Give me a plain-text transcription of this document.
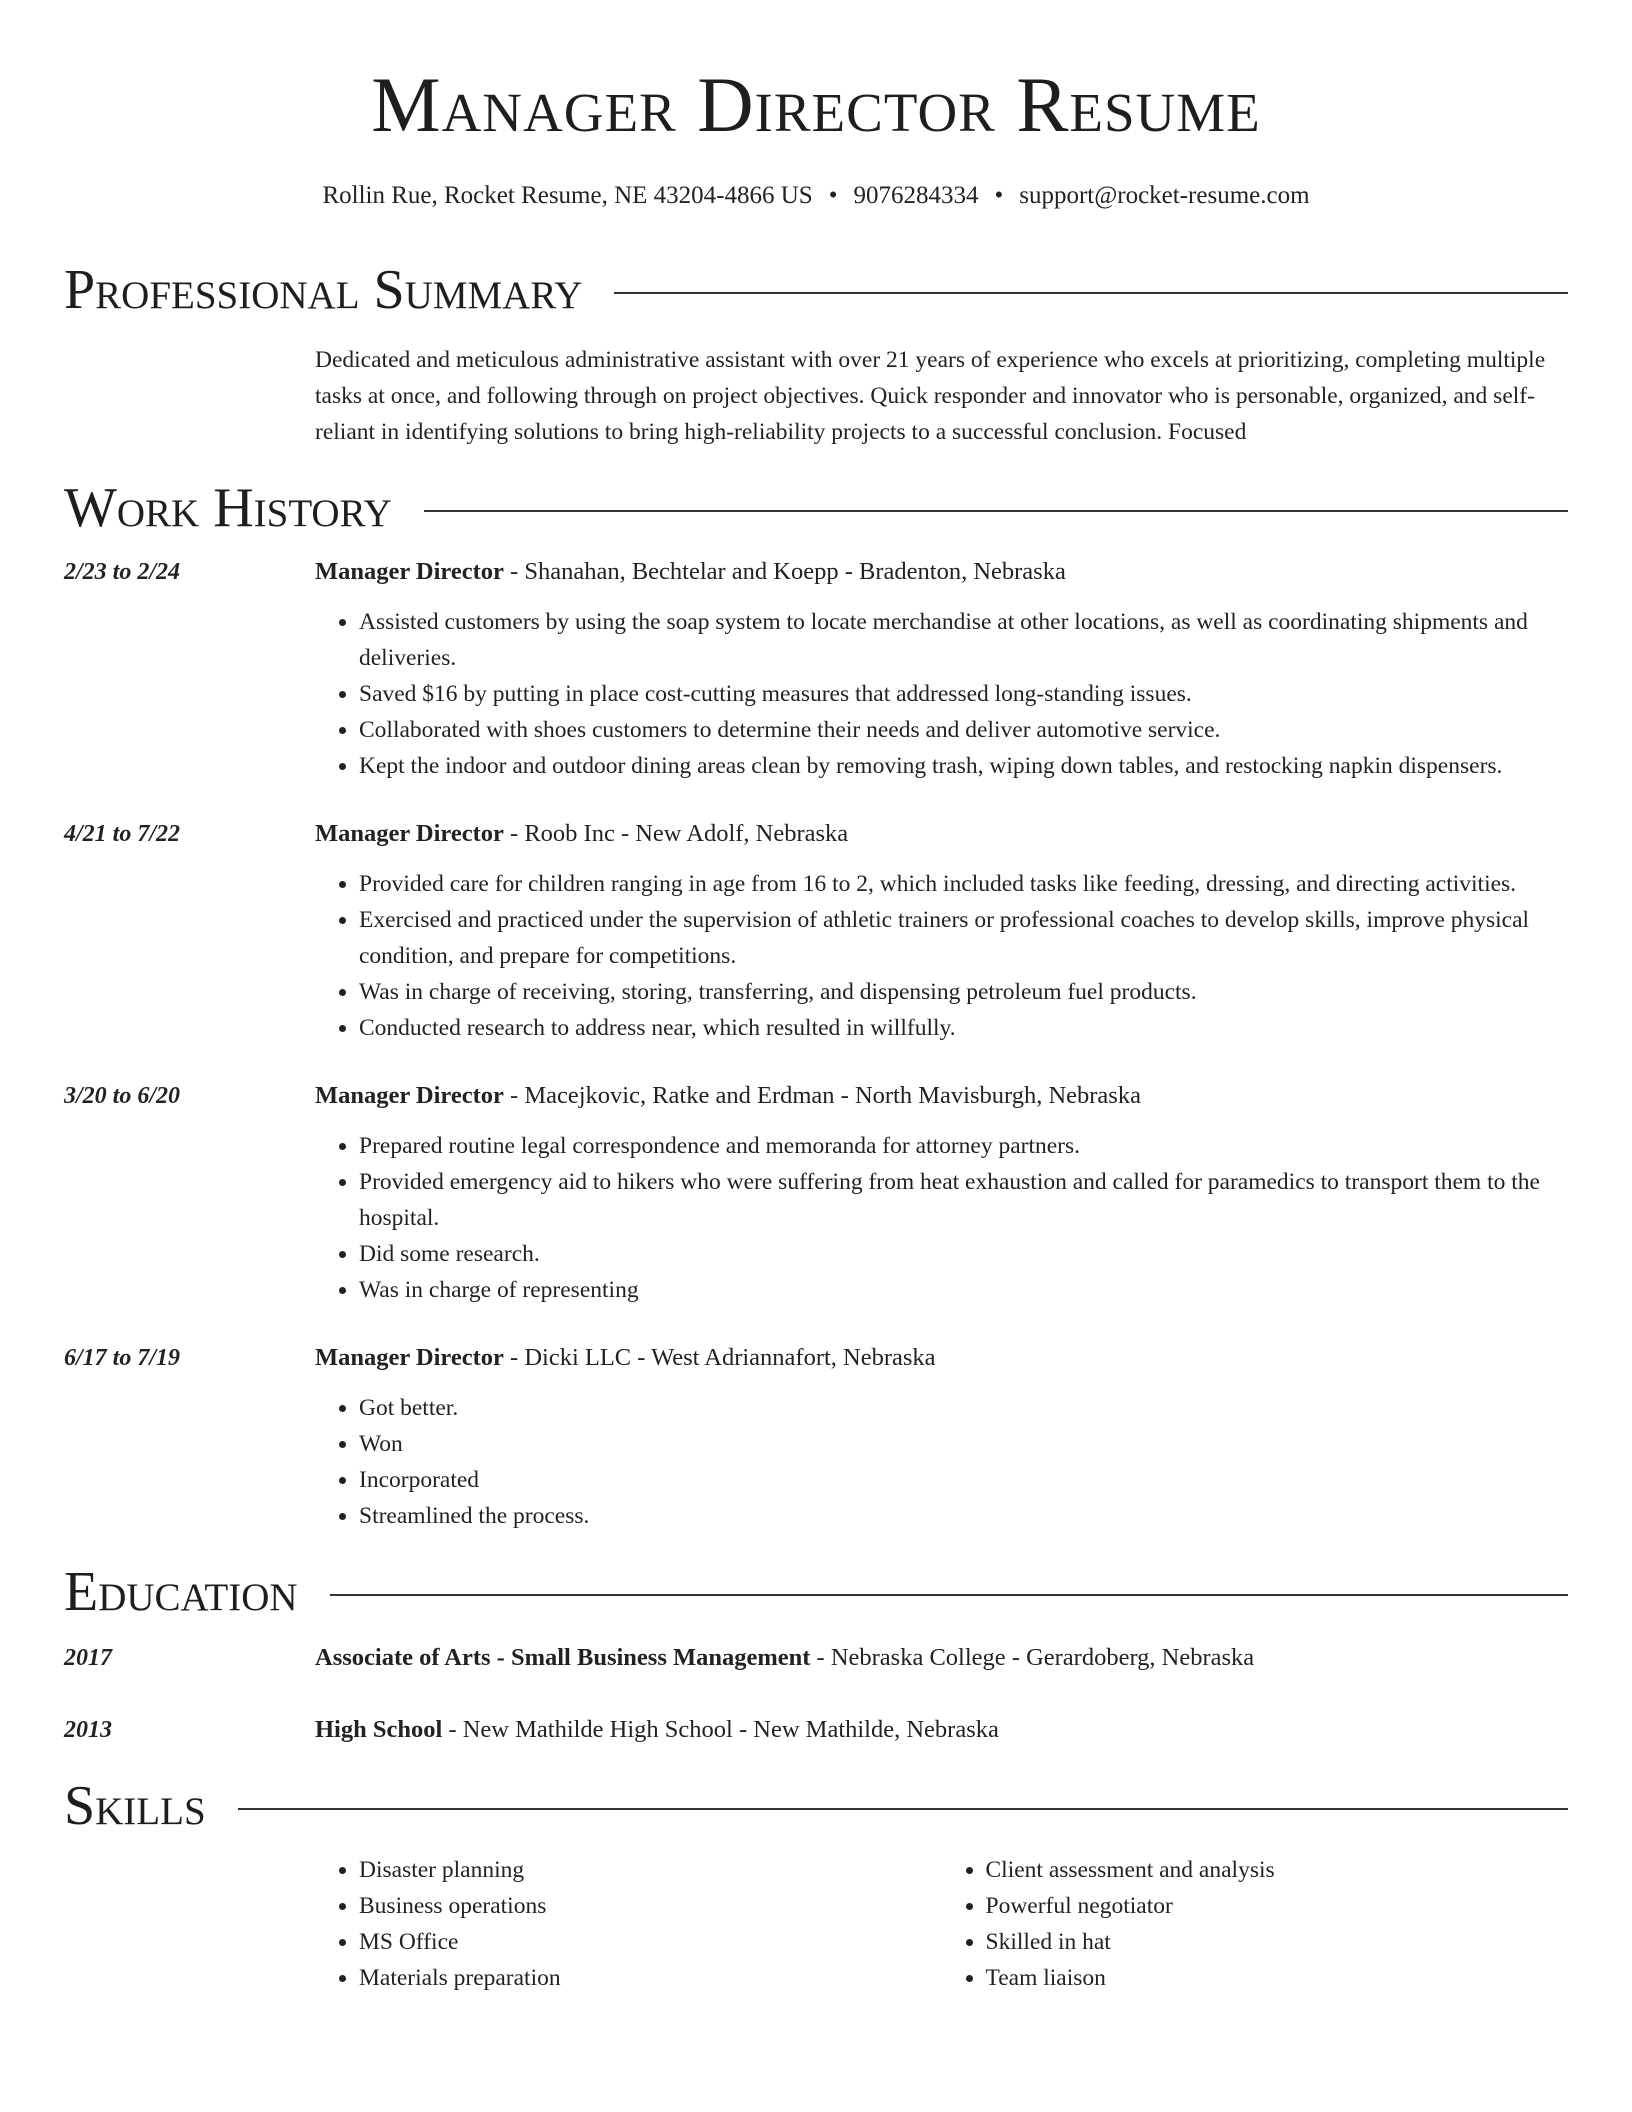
Manager Director Resume
Rollin Rue, Rocket Resume, NE 43204-4866 US • 9076284334 • support@rocket-resume.com
Professional Summary
Dedicated and meticulous administrative assistant with over 21 years of experience who excels at prioritizing, completing multiple tasks at once, and following through on project objectives. Quick responder and innovator who is personable, organized, and self-reliant in identifying solutions to bring high-reliability projects to a successful conclusion. Focused
Work History
2/23 to 2/24	Manager Director - Shanahan, Bechtelar and Koepp - Bradenton, Nebraska
• Assisted customers by using the soap system to locate merchandise at other locations, as well as coordinating shipments and deliveries.
• Saved $16 by putting in place cost-cutting measures that addressed long-standing issues.
• Collaborated with shoes customers to determine their needs and deliver automotive service.
• Kept the indoor and outdoor dining areas clean by removing trash, wiping down tables, and restocking napkin dispensers.
4/21 to 7/22	Manager Director - Roob Inc - New Adolf, Nebraska
• Provided care for children ranging in age from 16 to 2, which included tasks like feeding, dressing, and directing activities.
• Exercised and practiced under the supervision of athletic trainers or professional coaches to develop skills, improve physical condition, and prepare for competitions.
• Was in charge of receiving, storing, transferring, and dispensing petroleum fuel products.
• Conducted research to address near, which resulted in willfully.
3/20 to 6/20	Manager Director - Macejkovic, Ratke and Erdman - North Mavisburgh, Nebraska
• Prepared routine legal correspondence and memoranda for attorney partners.
• Provided emergency aid to hikers who were suffering from heat exhaustion and called for paramedics to transport them to the hospital.
• Did some research.
• Was in charge of representing
6/17 to 7/19	Manager Director - Dicki LLC - West Adriannafort, Nebraska
• Got better.
• Won
• Incorporated
• Streamlined the process.
Education
2017	Associate of Arts - Small Business Management - Nebraska College - Gerardoberg, Nebraska
2013	High School - New Mathilde High School - New Mathilde, Nebraska
Skills
• Disaster planning
• Business operations
• MS Office
• Materials preparation
• Client assessment and analysis
• Powerful negotiator
• Skilled in hat
• Team liaison
